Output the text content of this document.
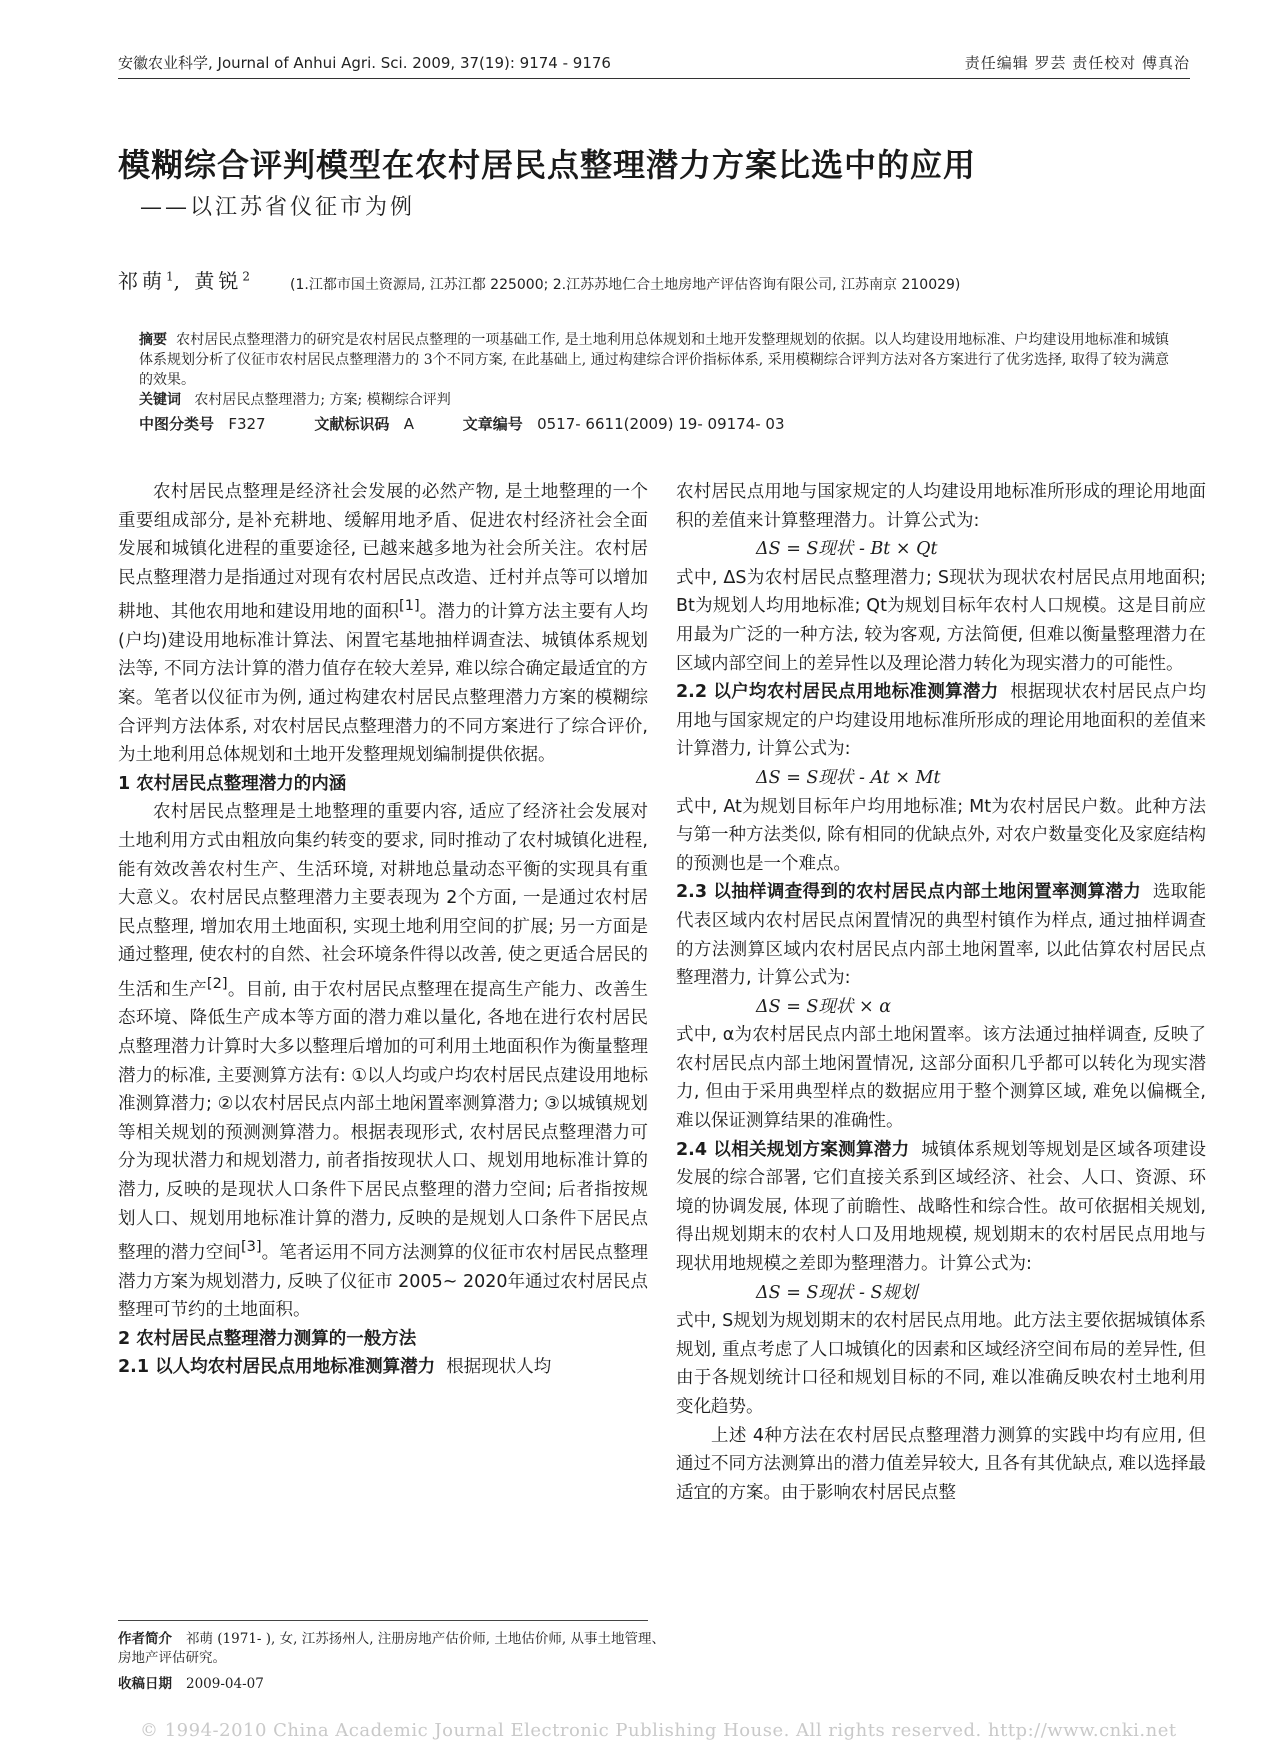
安徽农业科学, Journal of Anhui Agri. Sci. 2009, 37(19): 9174 - 9176	责任编辑 罗芸 责任校对 傅真治
模糊综合评判模型在农村居民点整理潜力方案比选中的应用
——以江苏省仪征市为例
祁萌$^1$, 黄锐$^2$
(1.江都市国土资源局, 江苏江都 225000; 2.江苏苏地仁合土地房地产评估咨询有限公司, 江苏南京 210029)
摘要 农村居民点整理潜力的研究是农村居民点整理的一项基础工作, 是土地利用总体规划和土地开发整理规划的依据。以人均建设用地标准、户均建设用地标准和城镇体系规划分析了仪征市农村居民点整理潜力的 3个不同方案, 在此基础上, 通过构建综合评价指标体系, 采用模糊综合评判方法对各方案进行了优劣选择, 取得了较为满意的效果。
关键词 农村居民点整理潜力; 方案; 模糊综合评判
中图分类号 F327	文献标识码 A	文章编号 0517- 6611(2009) 19- 09174- 03

农村居民点整理是经济社会发展的必然产物, 是土地整理的一个重要组成部分, 是补充耕地、缓解用地矛盾、促进农村经济社会全面发展和城镇化进程的重要途径, 已越来越多地为社会所关注。农村居民点整理潜力是指通过对现有农村居民点改造、迁村并点等可以增加耕地、其他农用地和建设用地的面积[1]。潜力的计算方法主要有人均(户均)建设用地标准计算法、闲置宅基地抽样调查法、城镇体系规划法等, 不同方法计算的潜力值存在较大差异, 难以综合确定最适宜的方案。笔者以仪征市为例, 通过构建农村居民点整理潜力方案的模糊综合评判方法体系, 对农村居民点整理潜力的不同方案进行了综合评价, 为土地利用总体规划和土地开发整理规划编制提供依据。

1 农村居民点整理潜力的内涵

农村居民点整理是土地整理的重要内容, 适应了经济社会发展对土地利用方式由粗放向集约转变的要求, 同时推动了农村城镇化进程, 能有效改善农村生产、生活环境, 对耕地总量动态平衡的实现具有重大意义。农村居民点整理潜力主要表现为 2个方面, 一是通过农村居民点整理, 增加农用土地面积, 实现土地利用空间的扩展; 另一方面是通过整理, 使农村的自然、社会环境条件得以改善, 使之更适合居民的生活和生产[2]。目前, 由于农村居民点整理在提高生产能力、改善生态环境、降低生产成本等方面的潜力难以量化, 各地在进行农村居民点整理潜力计算时大多以整理后增加的可利用土地面积作为衡量整理潜力的标准, 主要测算方法有: ①以人均或户均农村居民点建设用地标准测算潜力; ②以农村居民点内部土地闲置率测算潜力; ③以城镇规划等相关规划的预测测算潜力。根据表现形式, 农村居民点整理潜力可分为现状潜力和规划潜力, 前者指按现状人口、规划用地标准计算的潜力, 反映的是现状人口条件下居民点整理的潜力空间; 后者指按规划人口、规划用地标准计算的潜力, 反映的是规划人口条件下居民点整理的潜力空间[3]。笔者运用不同方法测算的仪征市农村居民点整理潜力方案为规划潜力, 反映了仪征市 2005~ 2020年通过农村居民点整理可节约的土地面积。

2 农村居民点整理潜力测算的一般方法

2.1 以人均农村居民点用地标准测算潜力 根据现状人均

农村居民点用地与国家规定的人均建设用地标准所形成的理论用地面积的差值来计算整理潜力。计算公式为:

ΔS = S现状 - Bt × Qt

式中, ΔS为农村居民点整理潜力; S现状为现状农村居民点用地面积; Bt为规划人均用地标准; Qt为规划目标年农村人口规模。这是目前应用最为广泛的一种方法, 较为客观, 方法简便, 但难以衡量整理潜力在区域内部空间上的差异性以及理论潜力转化为现实潜力的可能性。

2.2 以户均农村居民点用地标准测算潜力 根据现状农村居民点户均用地与国家规定的户均建设用地标准所形成的理论用地面积的差值来计算潜力, 计算公式为:

ΔS = S现状 - At × Mt

式中, At为规划目标年户均用地标准; Mt为农村居民户数。此种方法与第一种方法类似, 除有相同的优缺点外, 对农户数量变化及家庭结构的预测也是一个难点。

2.3 以抽样调查得到的农村居民点内部土地闲置率测算潜力 选取能代表区域内农村居民点闲置情况的典型村镇作为样点, 通过抽样调查的方法测算区域内农村居民点内部土地闲置率, 以此估算农村居民点整理潜力, 计算公式为:

ΔS = S现状 × α

式中, α为农村居民点内部土地闲置率。该方法通过抽样调查, 反映了农村居民点内部土地闲置情况, 这部分面积几乎都可以转化为现实潜力, 但由于采用典型样点的数据应用于整个测算区域, 难免以偏概全, 难以保证测算结果的准确性。

2.4 以相关规划方案测算潜力 城镇体系规划等规划是区域各项建设发展的综合部署, 它们直接关系到区域经济、社会、人口、资源、环境的协调发展, 体现了前瞻性、战略性和综合性。故可依据相关规划, 得出规划期末的农村人口及用地规模, 规划期末的农村居民点用地与现状用地规模之差即为整理潜力。计算公式为:

ΔS = S现状 - S规划

式中, S规划为规划期末的农村居民点用地。此方法主要依据城镇体系规划, 重点考虑了人口城镇化的因素和区域经济空间布局的差异性, 但由于各规划统计口径和规划目标的不同, 难以准确反映农村土地利用变化趋势。

上述 4种方法在农村居民点整理潜力测算的实践中均有应用, 但通过不同方法测算出的潜力值差异较大, 且各有其优缺点, 难以选择最适宜的方案。由于影响农村居民点整

作者简介 祁萌 (1971- ), 女, 江苏扬州人, 注册房地产估价师, 土地估价师, 从事土地管理、房地产评估研究。
收稿日期 2009-04-07
© 1994-2010 China Academic Journal Electronic Publishing House. All rights reserved. http://www.cnki.net
